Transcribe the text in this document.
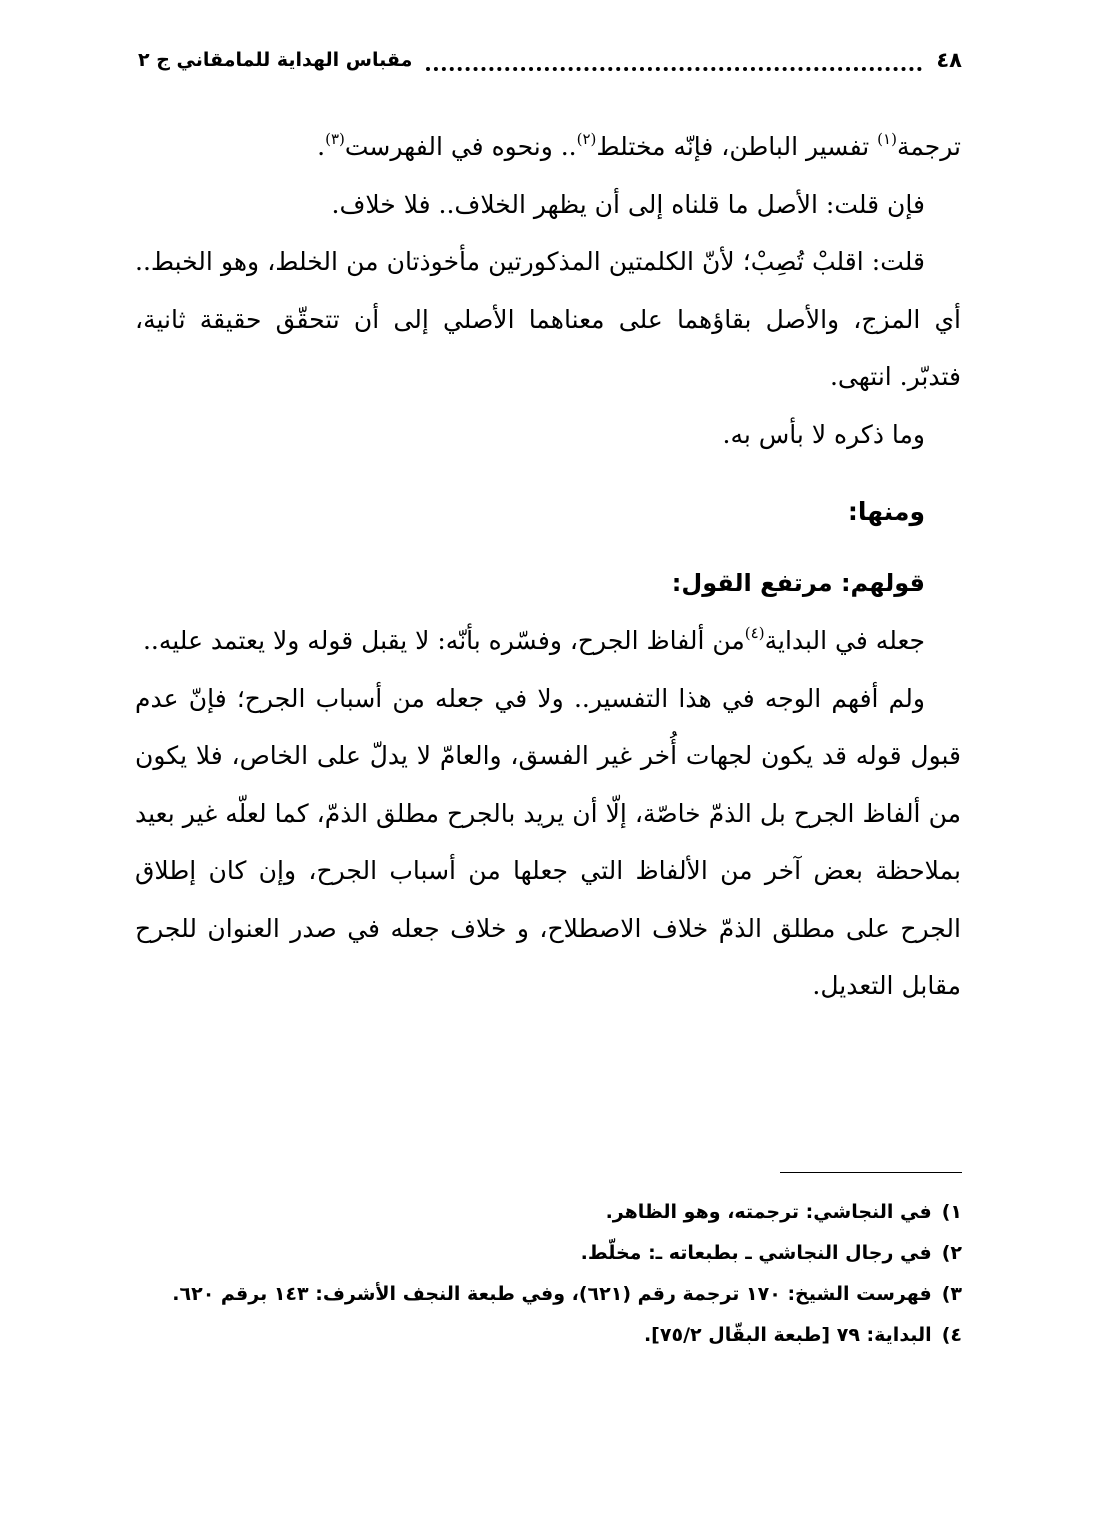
٤٨
مقباس الهداية للمامقاني ج ٢

ترجمة$^{(١)}$ تفسير الباطن، فإنّه مختلط$^{(٢)}$.. ونحوه في الفهرست$^{(٣)}$.

فإن قلت: الأصل ما قلناه إلى أن يظهر الخلاف.. فلا خلاف.

قلت: اقلبْ تُصِبْ؛ لأنّ الكلمتين المذكورتين مأخوذتان من الخلط، وهو الخبط.. أي المزج، والأصل بقاؤهما على معناهما الأصلي إلى أن تتحقّق حقيقة ثانية، فتدبّر. انتهى.

وما ذكره لا بأس به.

ومنها:

قولهم: مرتفع القول:

جعله في البداية$^{(٤)}$من ألفاظ الجرح، وفسّره بأنّه: لا يقبل قوله ولا يعتمد عليه..

ولم أفهم الوجه في هذا التفسير.. ولا في جعله من أسباب الجرح؛ فإنّ عدم قبول قوله قد يكون لجهات أُخر غير الفسق، والعامّ لا يدلّ على الخاص، فلا يكون من ألفاظ الجرح بل الذمّ خاصّة، إلّا أن يريد بالجرح مطلق الذمّ، كما لعلّه غير بعيد بملاحظة بعض آخر من الألفاظ التي جعلها من أسباب الجرح، وإن كان إطلاق الجرح على مطلق الذمّ خلاف الاصطلاح، و خلاف جعله في صدر العنوان للجرح مقابل التعديل.

١)في النجاشي: ترجمته، وهو الظاهر.
٢)في رجال النجاشي ـ بطبعاته ـ: مخلّط.
٣)فهرست الشيخ: ١٧٠ ترجمة رقم (٦٢١)، وفي طبعة النجف الأشرف: ١٤٣ برقم ٦٢٠.
٤)البداية: ٧٩ [طبعة البقّال ٧٥/٢].
